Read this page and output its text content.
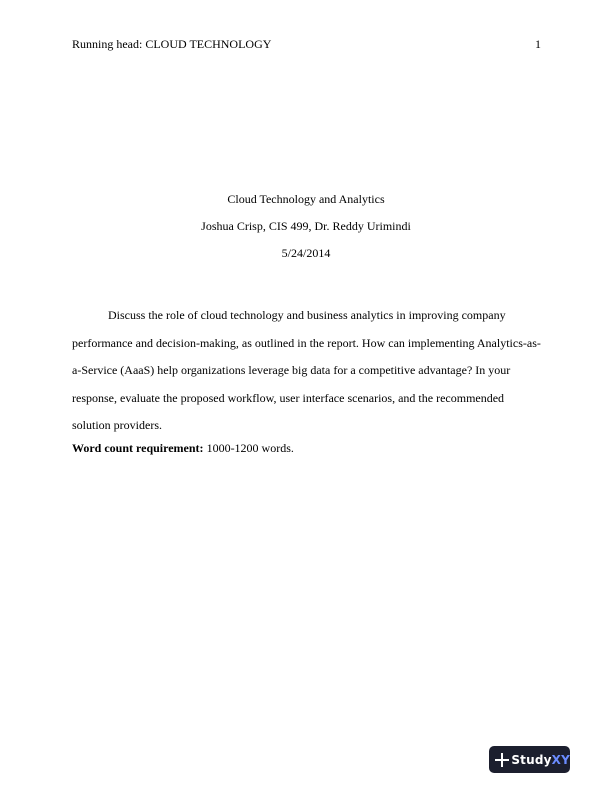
Running head: CLOUD TECHNOLOGY	1
Cloud Technology and Analytics
Joshua Crisp, CIS 499, Dr. Reddy Urimindi
5/24/2014

Discuss the role of cloud technology and business analytics in improving company performance and decision-making, as outlined in the report. How can implementing Analytics-as-a-Service (AaaS) help organizations leverage big data for a competitive advantage? In your response, evaluate the proposed workflow, user interface scenarios, and the recommended solution providers.

Word count requirement: 1000-1200 words.
StudyXY
